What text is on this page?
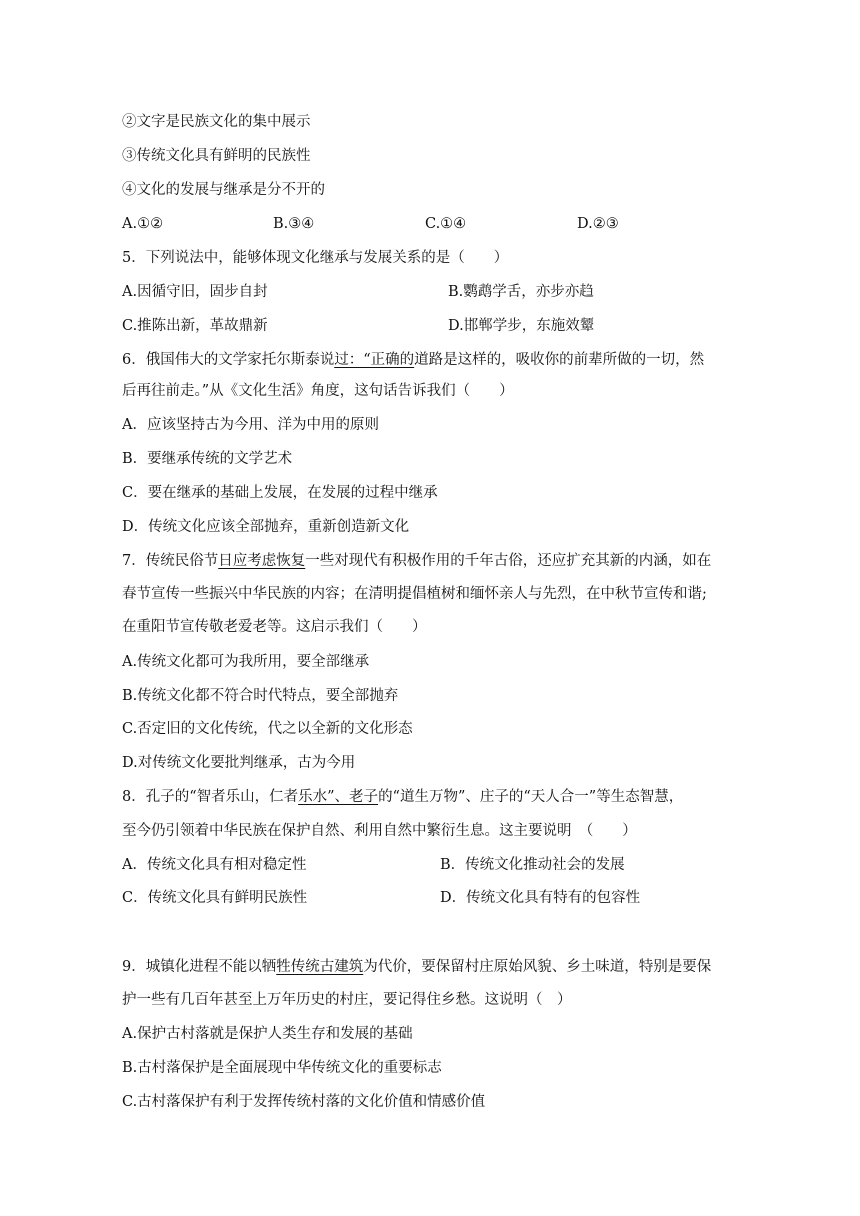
②文字是民族文化的集中展示
③传统文化具有鲜明的民族性
④文化的发展与继承是分不开的
A.①②	B.③④	C.①④	D.②③
5．下列说法中，能够体现文化继承与发展关系的是（　　）
A.因循守旧，固步自封	B.鹦鹉学舌，亦步亦趋
C.推陈出新，革故鼎新	D.邯郸学步，东施效颦
6．俄国伟大的文学家托尔斯泰说过：“正确的道路是这样的，吸收你的前辈所做的一切，然
后再往前走。”从《文化生活》角度，这句话告诉我们（　　）
A．应该坚持古为今用、洋为中用的原则
B．要继承传统的文学艺术
C．要在继承的基础上发展，在发展的过程中继承
D．传统文化应该全部抛弃，重新创造新文化
7．传统民俗节日应考虑恢复一些对现代有积极作用的千年古俗，还应扩充其新的内涵，如在
春节宣传一些振兴中华民族的内容；在清明提倡植树和缅怀亲人与先烈，在中秋节宣传和谐;
在重阳节宣传敬老爱老等。这启示我们（　　）
A.传统文化都可为我所用，要全部继承
B.传统文化都不符合时代特点，要全部抛弃
C.否定旧的文化传统，代之以全新的文化形态
D.对传统文化要批判继承，古为今用
8．孔子的“智者乐山，仁者乐水”、老子的“道生万物”、庄子的“天人合一”等生态智慧，
至今仍引领着中华民族在保护自然、利用自然中繁衍生息。这主要说明　（　　）
A．传统文化具有相对稳定性	B．传统文化推动社会的发展
C．传统文化具有鲜明民族性	D．传统文化具有特有的包容性
9．城镇化进程不能以牺牲传统古建筑为代价，要保留村庄原始风貌、乡土味道，特别是要保
护一些有几百年甚至上万年历史的村庄，要记得住乡愁。这说明（　）
A.保护古村落就是保护人类生存和发展的基础
B.古村落保护是全面展现中华传统文化的重要标志
C.古村落保护有利于发挥传统村落的文化价值和情感价值
